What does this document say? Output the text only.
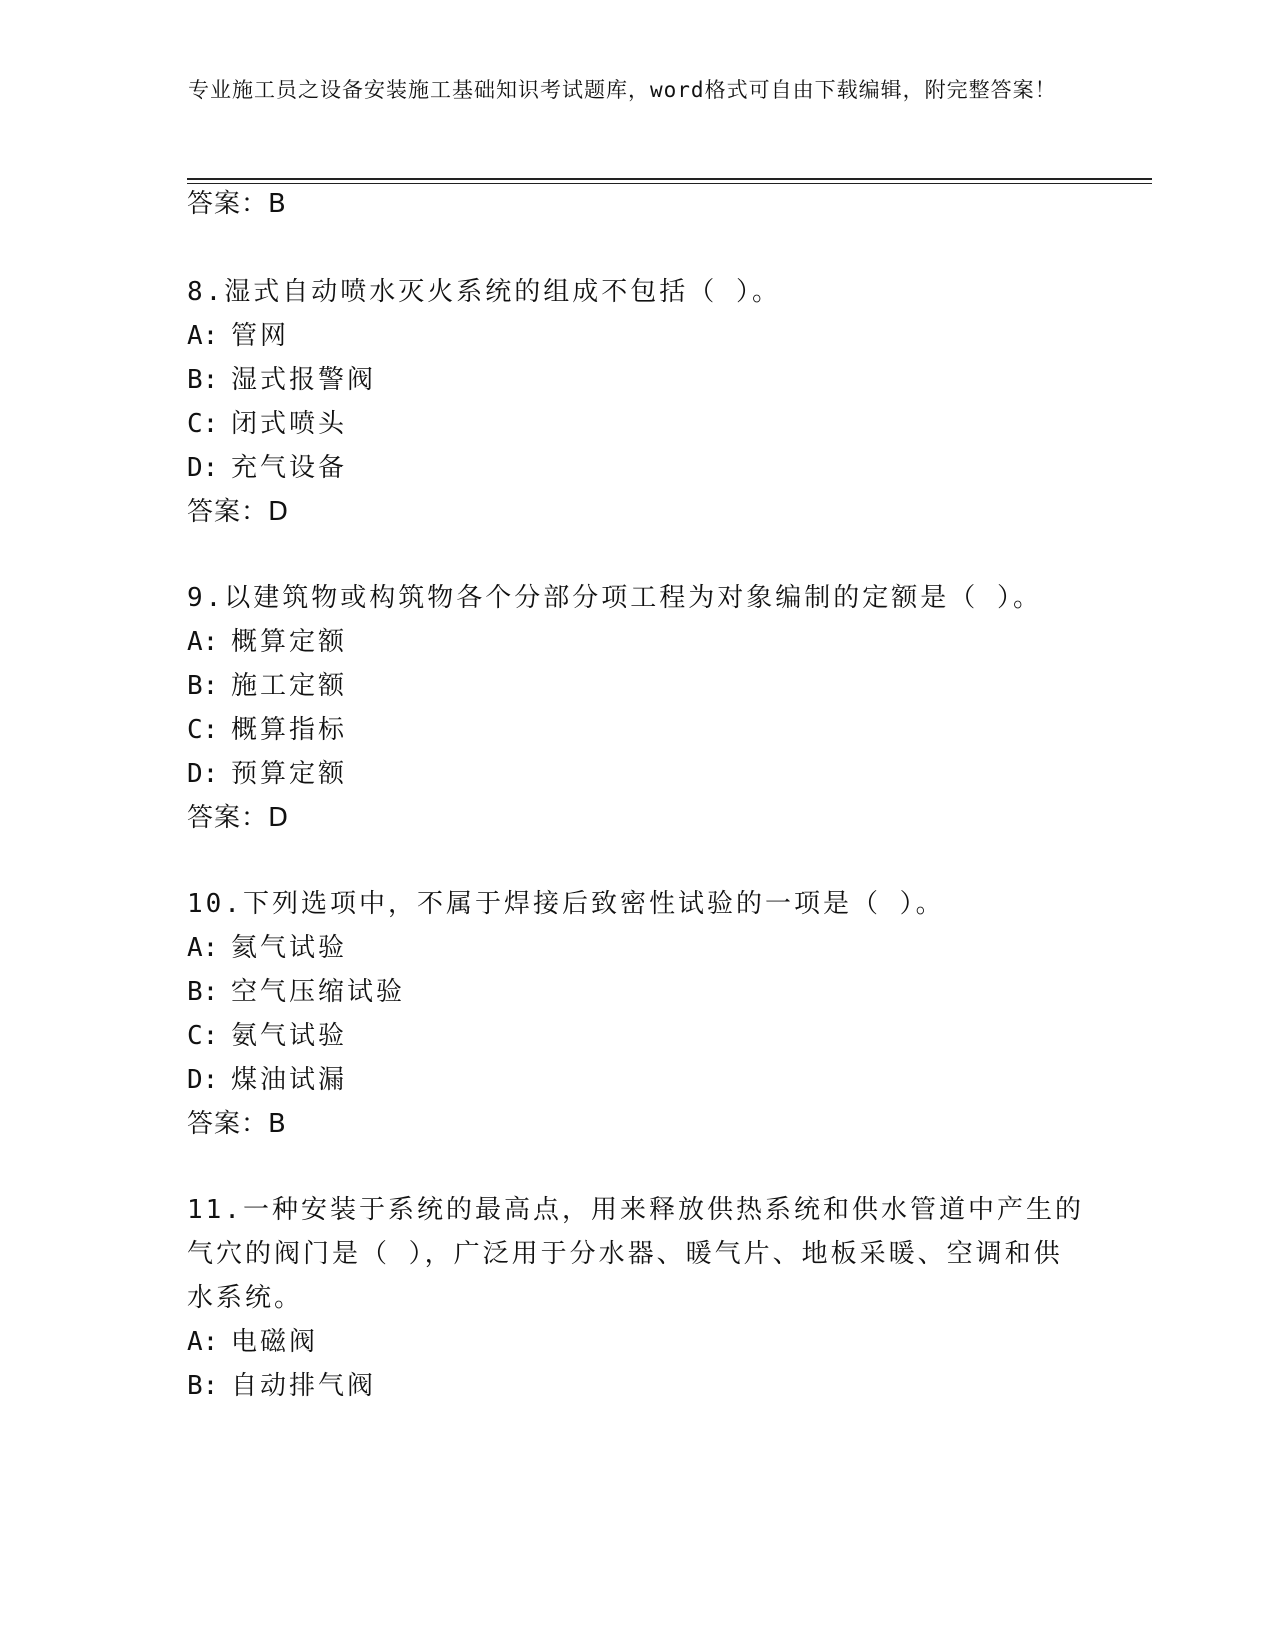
专业施工员之设备安装施工基础知识考试题库，word格式可自由下载编辑，附完整答案！
答案：B
8.湿式自动喷水灭火系统的组成不包括（ ）。
A: 管网
B: 湿式报警阀
C: 闭式喷头
D: 充气设备
答案：D
9.以建筑物或构筑物各个分部分项工程为对象编制的定额是（ ）。
A: 概算定额
B: 施工定额
C: 概算指标
D: 预算定额
答案：D
10.下列选项中，不属于焊接后致密性试验的一项是（ ）。
A: 氦气试验
B: 空气压缩试验
C: 氨气试验
D: 煤油试漏
答案：B
11.一种安装于系统的最高点，用来释放供热系统和供水管道中产生的
气穴的阀门是（ ），广泛用于分水器、暖气片、地板采暖、空调和供
水系统。
A: 电磁阀
B: 自动排气阀
